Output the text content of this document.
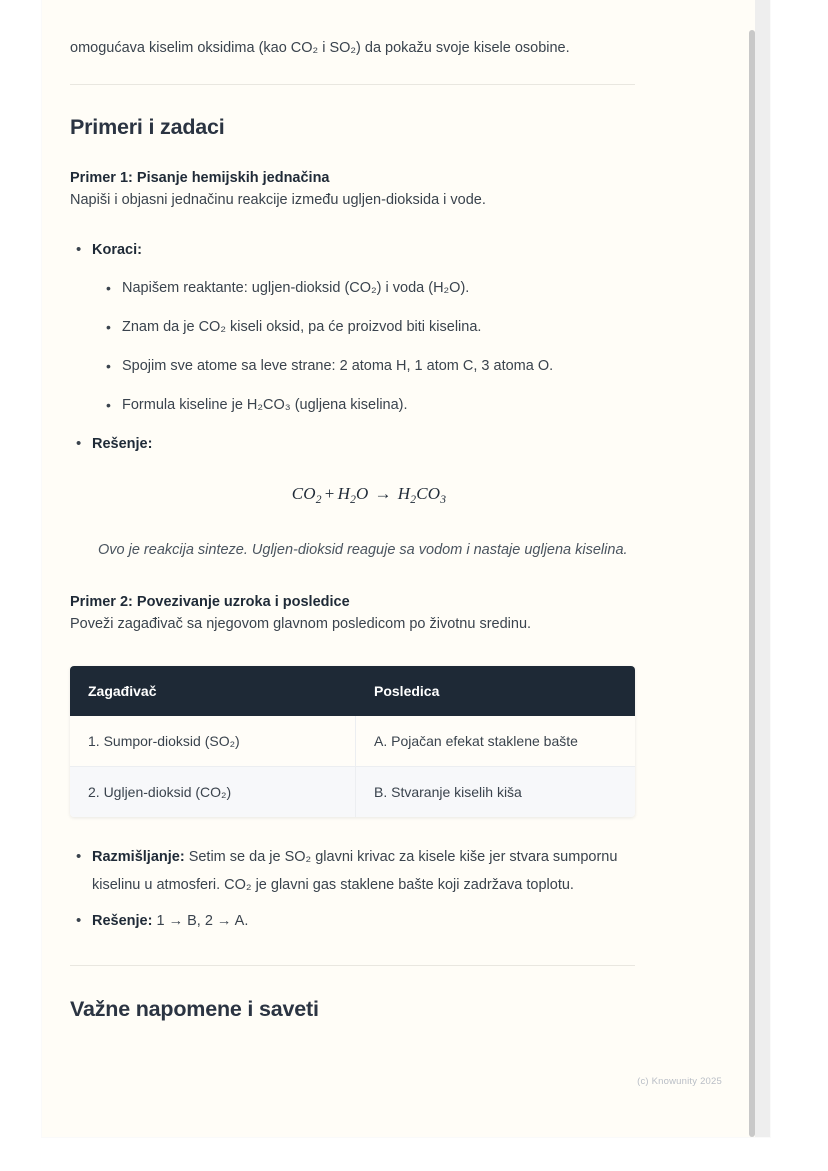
omogućava kiselim oksidima (kao CO₂ i SO₂) da pokažu svoje kisele osobine.

Primeri i zadaci
Primer 1: Pisanje hemijskih jednačina

Napiši i objasni jednačinu reakcije između ugljen-dioksida i vode.

• Koraci:
• Napišem reaktante: ugljen-dioksid (CO₂) i voda (H₂O).
• Znam da je CO₂ kiseli oksid, pa će proizvod biti kiselina.
• Spojim sve atome sa leve strane: 2 atoma H, 1 atom C, 3 atoma O.
• Formula kiseline je H₂CO₃ (ugljena kiselina).
• Rešenje:
$CO_2 + H_2O \to H_2CO_3$

Ovo je reakcija sinteze. Ugljen-dioksid reaguje sa vodom i nastaje ugljena kiselina.

Primer 2: Povezivanje uzroka i posledice

Poveži zagađivač sa njegovom glavnom posledicom po životnu sredinu.

Zagađivač	Posledica
1. Sumpor-dioksid (SO₂)	A. Pojačan efekat staklene bašte
2. Ugljen-dioksid (CO₂)	B. Stvaranje kiselih kiša
• Razmišljanje: Setim se da je SO₂ glavni krivac za kisele kiše jer stvara sumpornu kiselinu u atmosferi. CO₂ je glavni gas staklene bašte koji zadržava toplotu.
• Rešenje: 1 → B, 2 → A.
Važne napomene i saveti
(c) Knowunity 2025
